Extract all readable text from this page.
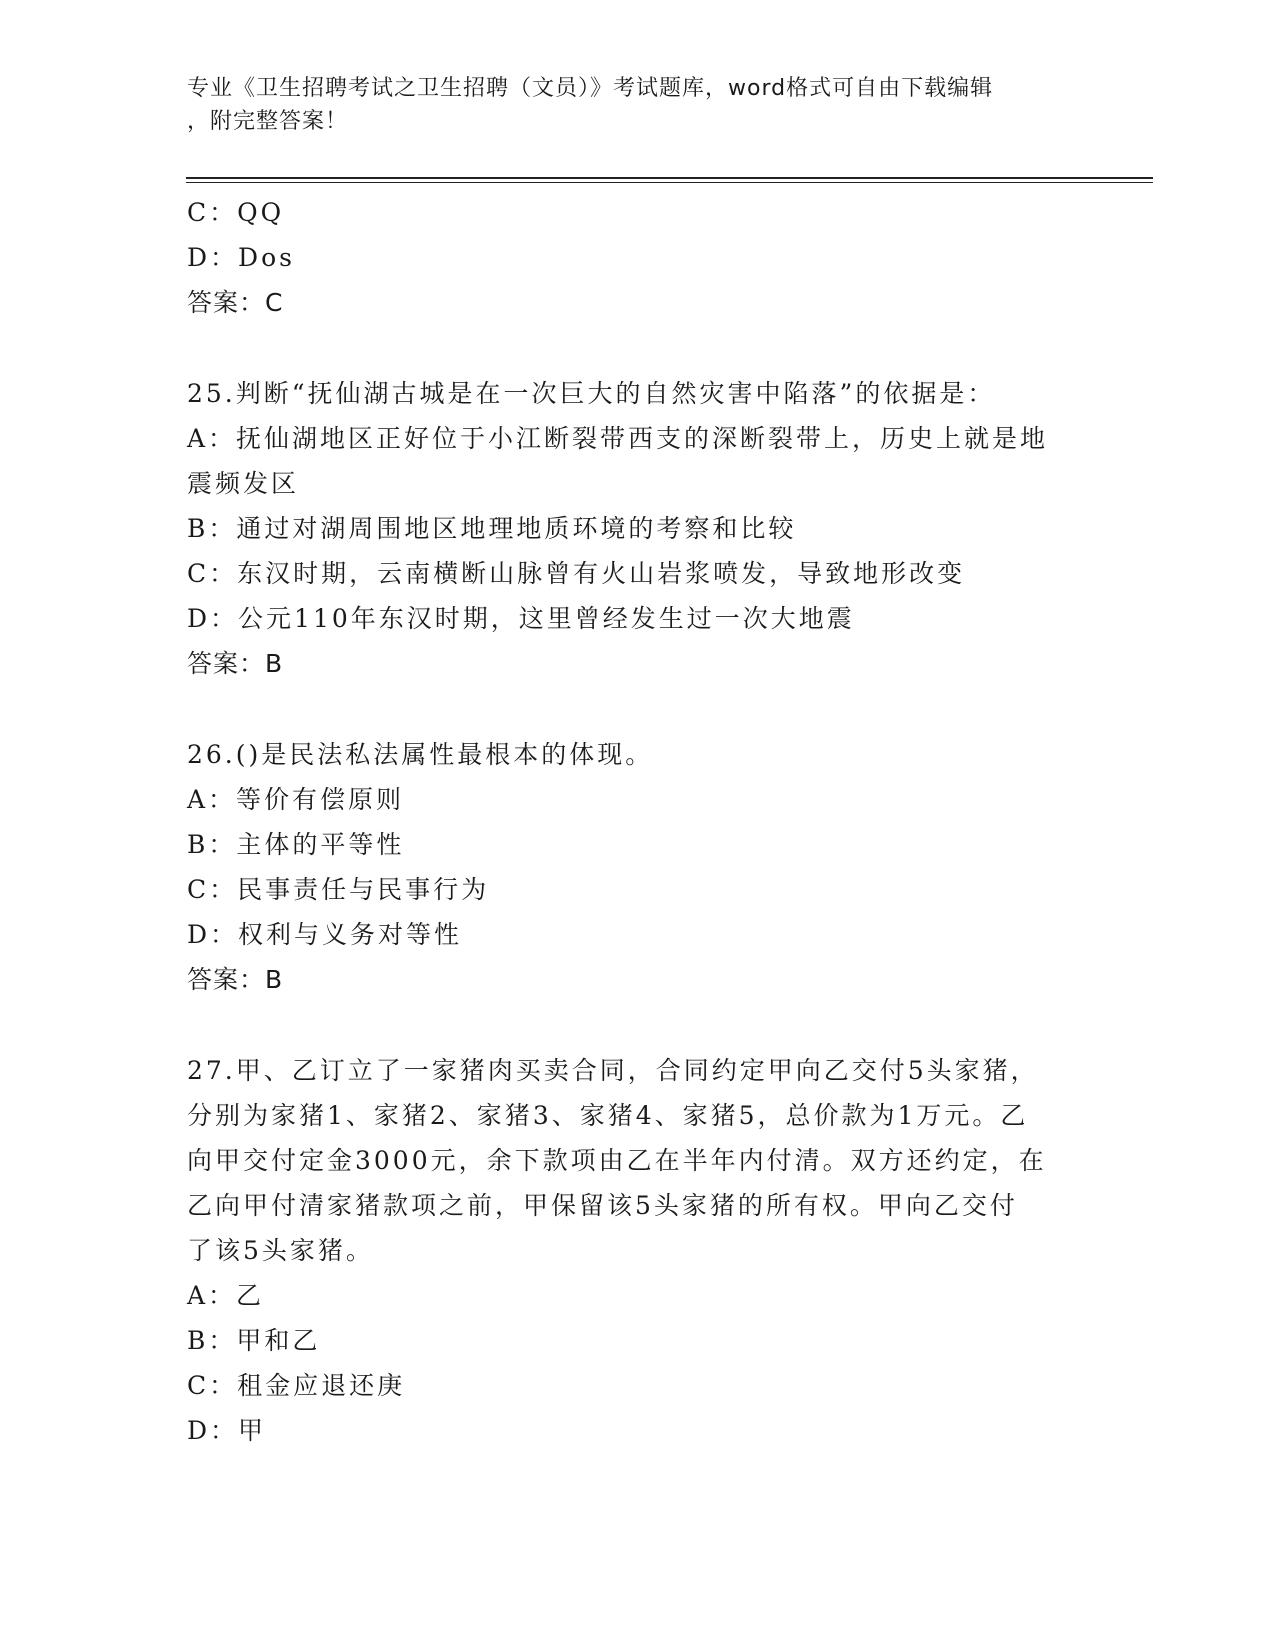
专业《卫生招聘考试之卫生招聘（文员）》考试题库，word格式可自由下载编辑
，附完整答案！
C：QQ
D：Dos
答案：C
25.判断“抚仙湖古城是在一次巨大的自然灾害中陷落”的依据是：
A：抚仙湖地区正好位于小江断裂带西支的深断裂带上，历史上就是地
震频发区
B：通过对湖周围地区地理地质环境的考察和比较
C：东汉时期，云南横断山脉曾有火山岩浆喷发，导致地形改变
D：公元110年东汉时期，这里曾经发生过一次大地震
答案：B
26.()是民法私法属性最根本的体现。
A：等价有偿原则
B：主体的平等性
C：民事责任与民事行为
D：权利与义务对等性
答案：B
27.甲、乙订立了一家猪肉买卖合同，合同约定甲向乙交付5头家猪，
分别为家猪1、家猪2、家猪3、家猪4、家猪5，总价款为1万元。乙
向甲交付定金3000元，余下款项由乙在半年内付清。双方还约定，在
乙向甲付清家猪款项之前，甲保留该5头家猪的所有权。甲向乙交付
了该5头家猪。
A：乙
B：甲和乙
C：租金应退还庚
D：甲
